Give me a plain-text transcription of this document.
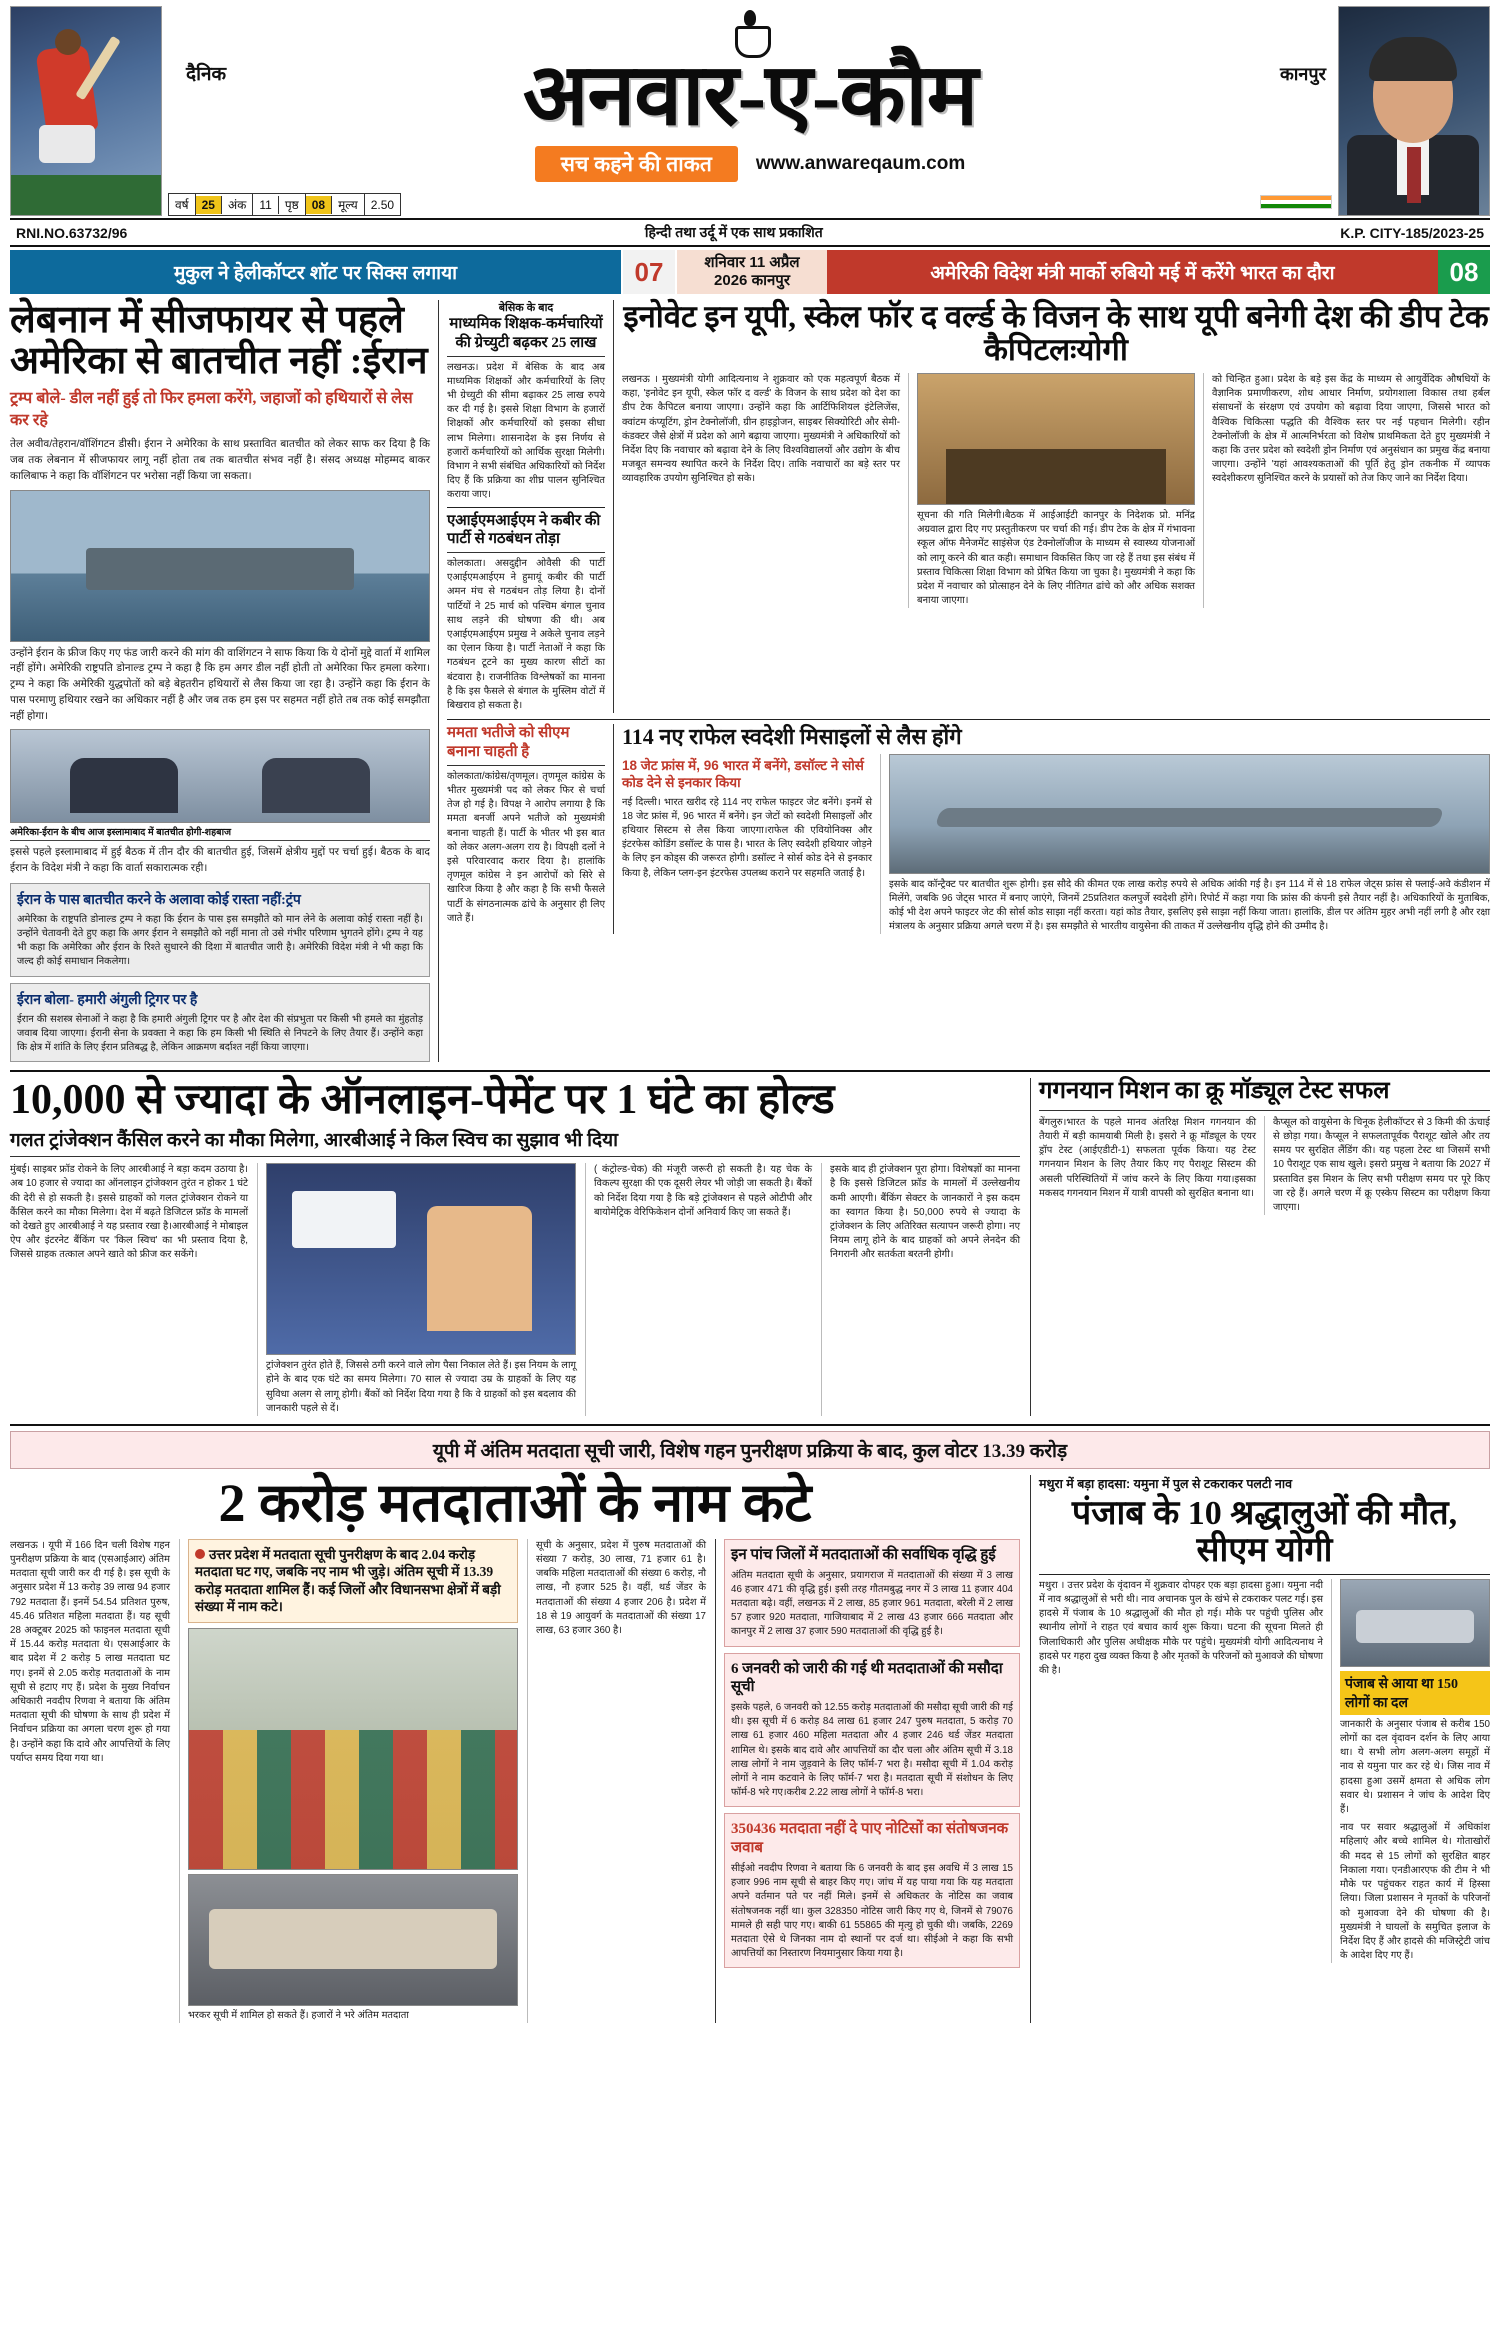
दैनिक	कानपुर
अनवार-ए-कौम
सच कहने की ताकत	www.anwareqaum.com
वर्ष	25	अंक	11	पृष्ठ	08	मूल्य	2.50
RNI.NO.63732/96	हिन्दी तथा उर्दू में एक साथ प्रकाशित	K.P. CITY-185/2023-25
मुकुल ने हेलीकॉप्टर शॉट पर सिक्स लगाया	07	शनिवार 11 अप्रैल
2026 कानपुर	अमेरिकी विदेश मंत्री मार्को रुबियो मई में करेंगे भारत का दौरा	08
लेबनान में सीजफायर से पहले अमेरिका से बातचीत नहीं :ईरान
ट्रम्प बोले- डील नहीं हुई तो फिर हमला करेंगे, जहाजों को हथियारों से लेस कर रहे
तेल अवीव/तेहरान/वॉशिंगटन डीसी। ईरान ने अमेरिका के साथ प्रस्तावित बातचीत को लेकर साफ कर दिया है कि जब तक लेबनान में सीजफायर लागू नहीं होता तब तक बातचीत संभव नहीं है। संसद अध्यक्ष मोहम्मद बाकर कालिबाफ ने कहा कि वॉशिंगटन पर भरोसा नहीं किया जा सकता।
उन्होंने ईरान के फ्रीज किए गए फंड जारी करने की मांग की वाशिंगटन ने साफ किया कि ये दोनों मुद्दे वार्ता में शामिल नहीं होंगे। अमेरिकी राष्ट्रपति डोनाल्ड ट्रम्प ने कहा है कि हम अगर डील नहीं होती तो अमेरिका फिर हमला करेगा। ट्रम्प ने कहा कि अमेरिकी युद्धपोतों को बड़े बेहतरीन हथियारों से लैस किया जा रहा है। उन्होंने कहा कि ईरान के पास परमाणु हथियार रखने का अधिकार नहीं है और जब तक हम इस पर सहमत नहीं होते तब तक कोई समझौता नहीं होगा।
अमेरिका-ईरान के बीच आज इस्लामाबाद में बातचीत होगी-शहबाज
इससे पहले इस्लामाबाद में हुई बैठक में तीन दौर की बातचीत हुई, जिसमें क्षेत्रीय मुद्दों पर चर्चा हुई। बैठक के बाद ईरान के विदेश मंत्री ने कहा कि वार्ता सकारात्मक रही।
ईरान के पास बातचीत करने के अलावा कोई रास्ता नहीं:ट्रंप
अमेरिका के राष्ट्रपति डोनाल्ड ट्रम्प ने कहा कि ईरान के पास इस समझौते को मान लेने के अलावा कोई रास्ता नहीं है। उन्होंने चेतावनी देते हुए कहा कि अगर ईरान ने समझौते को नहीं माना तो उसे गंभीर परिणाम भुगतने होंगे। ट्रम्प ने यह भी कहा कि अमेरिका और ईरान के रिश्ते सुधारने की दिशा में बातचीत जारी है। अमेरिकी विदेश मंत्री ने भी कहा कि जल्द ही कोई समाधान निकलेगा।
ईरान बोला- हमारी अंगुली ट्रिगर पर है
ईरान की सशस्त्र सेनाओं ने कहा है कि हमारी अंगुली ट्रिगर पर है और देश की संप्रभुता पर किसी भी हमले का मुंहतोड़ जवाब दिया जाएगा। ईरानी सेना के प्रवक्ता ने कहा कि हम किसी भी स्थिति से निपटने के लिए तैयार हैं। उन्होंने कहा कि क्षेत्र में शांति के लिए ईरान प्रतिबद्ध है, लेकिन आक्रमण बर्दाश्त नहीं किया जाएगा।
बेसिक के बाद
माध्यमिक शिक्षक-कर्मचारियों की ग्रेच्युटी बढ़कर 25 लाख
लखनऊ। प्रदेश में बेसिक के बाद अब माध्यमिक शिक्षकों और कर्मचारियों के लिए भी ग्रेच्युटी की सीमा बढ़ाकर 25 लाख रुपये कर दी गई है। इससे शिक्षा विभाग के हजारों शिक्षकों और कर्मचारियों को इसका सीधा लाभ मिलेगा। शासनादेश के इस निर्णय से हजारों कर्मचारियों को आर्थिक सुरक्षा मिलेगी। विभाग ने सभी संबंधित अधिकारियों को निर्देश दिए हैं कि प्रक्रिया का शीघ्र पालन सुनिश्चित कराया जाए।
एआईएमआईएम ने कबीर की पार्टी से गठबंधन तोड़ा
कोलकाता। असदुद्दीन ओवैसी की पार्टी एआईएमआईएम ने हुमायूं कबीर की पार्टी अमन मंच से गठबंधन तोड़ लिया है। दोनों पार्टियों ने 25 मार्च को पश्चिम बंगाल चुनाव साथ लड़ने की घोषणा की थी। अब एआईएमआईएम प्रमुख ने अकेले चुनाव लड़ने का ऐलान किया है। पार्टी नेताओं ने कहा कि गठबंधन टूटने का मुख्य कारण सीटों का बंटवारा है। राजनीतिक विश्लेषकों का मानना है कि इस फैसले से बंगाल के मुस्लिम वोटों में बिखराव हो सकता है।
इनोवेट इन यूपी, स्केल फॉर द वर्ल्ड के विजन के साथ यूपी बनेगी देश की डीप टेक कैपिटलःयोगी
लखनऊ । मुख्यमंत्री योगी आदित्यनाथ ने शुक्रवार को एक महत्वपूर्ण बैठक में कहा, 'इनोवेट इन यूपी, स्केल फॉर द वर्ल्ड' के विजन के साथ प्रदेश को देश का डीप टेक कैपिटल बनाया जाएगा। उन्होंने कहा कि आर्टिफिशियल इंटेलिजेंस, क्वांटम कंप्यूटिंग, ड्रोन टेक्नोलॉजी, ग्रीन हाइड्रोजन, साइबर सिक्योरिटी और सेमी-कंडक्टर जैसे क्षेत्रों में प्रदेश को आगे बढ़ाया जाएगा। मुख्यमंत्री ने अधिकारियों को निर्देश दिए कि नवाचार को बढ़ावा देने के लिए विश्वविद्यालयों और उद्योग के बीच मजबूत समन्वय स्थापित करने के निर्देश दिए। ताकि नवाचारों का बड़े स्तर पर व्यावहारिक उपयोग सुनिश्चित हो सके।
सूचना की गति मिलेगी।बैठक में आईआईटी कानपुर के निदेशक प्रो. मनिंद्र अग्रवाल द्वारा दिए गए प्रस्तुतीकरण पर चर्चा की गई। डीप टेक के क्षेत्र में गंभावना स्कूल ऑफ मैनेजमेंट साइंसेज एंड टेक्नोलॉजीज के माध्यम से स्वास्थ्य योजनाओं को लागू करने की बात कही। समाधान विकसित किए जा रहे हैं तथा इस संबंध में प्रस्ताव चिकित्सा शिक्षा विभाग को प्रेषित किया जा चुका है। मुख्यमंत्री ने कहा कि प्रदेश में नवाचार को प्रोत्साहन देने के लिए नीतिगत ढांचे को और अधिक सशक्त बनाया जाएगा।
को चिन्हित हुआ। प्रदेश के बड़े इस केंद्र के माध्यम से आयुर्वेदिक औषधियों के वैज्ञानिक प्रमाणीकरण, शोध आधार निर्माण, प्रयोगशाला विकास तथा हर्बल संसाधनों के संरक्षण एवं उपयोग को बढ़ावा दिया जाएगा, जिससे भारत को वैश्विक चिकित्सा पद्धति की वैश्विक स्तर पर नई पहचान मिलेगी। रहीन टेक्नोलॉजी के क्षेत्र में आत्मनिर्भरता को विशेष प्राथमिकता देते हुए मुख्यमंत्री ने कहा कि उत्तर प्रदेश को स्वदेशी ड्रोन निर्माण एवं अनुसंधान का प्रमुख केंद्र बनाया जाएगा। उन्होंने 'यहां आवश्यकताओं की पूर्ति हेतु ड्रोन तकनीक में व्यापक स्वदेशीकरण सुनिश्चित करने के प्रयासों को तेज किए जाने का निर्देश दिया।
ममता भतीजे को सीएम बनाना चाहती है
कोलकाता/कांग्रेस/तृणमूल। तृणमूल कांग्रेस के भीतर मुख्यमंत्री पद को लेकर फिर से चर्चा तेज हो गई है। विपक्ष ने आरोप लगाया है कि ममता बनर्जी अपने भतीजे को मुख्यमंत्री बनाना चाहती हैं। पार्टी के भीतर भी इस बात को लेकर अलग-अलग राय है। विपक्षी दलों ने इसे परिवारवाद करार दिया है। हालांकि तृणमूल कांग्रेस ने इन आरोपों को सिरे से खारिज किया है और कहा है कि सभी फैसले पार्टी के संगठनात्मक ढांचे के अनुसार ही लिए जाते हैं।
114 नए राफेल स्वदेशी मिसाइलों से लैस होंगे
18 जेट फ्रांस में, 96 भारत में बनेंगे, डसॉल्ट ने सोर्स कोड देने से इनकार किया
नई दिल्ली। भारत खरीद रहे 114 नए राफेल फाइटर जेट बनेंगे। इनमें से 18 जेट फ्रांस में, 96 भारत में बनेंगे। इन जेटों को स्वदेशी मिसाइलों और हथियार सिस्टम से लैस किया जाएगा।राफेल की एवियोनिक्स और इंटरफेस कोडिंग डसॉल्ट के पास है। भारत के लिए स्वदेशी हथियार जोड़ने के लिए इन कोड्स की जरूरत होगी। डसॉल्ट ने सोर्स कोड देने से इनकार किया है, लेकिन प्लग-इन इंटरफेस उपलब्ध कराने पर सहमति जताई है।
इसके बाद कॉन्ट्रैक्ट पर बातचीत शुरू होगी। इस सौदे की कीमत एक लाख करोड़ रुपये से अधिक आंकी गई है। इन 114 में से 18 राफेल जेट्स फ्रांस से फ्लाई-अवे कंडीशन में मिलेंगे, जबकि 96 जेट्स भारत में बनाए जाएंगे, जिनमें 25प्रतिशत कलपुर्जे स्वदेशी होंगे। रिपोर्ट में कहा गया कि फ्रांस की कंपनी इसे तैयार नहीं है। अधिकारियों के मुताबिक, कोई भी देश अपने फाइटर जेट की सोर्स कोड साझा नहीं करता। यहां कोड तैयार, इसलिए इसे साझा नहीं किया जाता। हालांकि, डील पर अंतिम मुहर अभी नहीं लगी है और रक्षा मंत्रालय के अनुसार प्रक्रिया अगले चरण में है। इस समझौते से भारतीय वायुसेना की ताकत में उल्लेखनीय वृद्धि होने की उम्मीद है।
10,000 से ज्यादा के ऑनलाइन-पेमेंट पर 1 घंटे का होल्ड
गलत ट्रांजेक्शन कैंसिल करने का मौका मिलेगा, आरबीआई ने किल स्विच का सुझाव भी दिया
मुंबई। साइबर फ्रॉड रोकने के लिए आरबीआई ने बड़ा कदम उठाया है। अब 10 हजार से ज्यादा का ऑनलाइन ट्रांजेक्शन तुरंत न होकर 1 घंटे की देरी से हो सकती है। इससे ग्राहकों को गलत ट्रांजेक्शन रोकने या कैंसिल करने का मौका मिलेगा। देश में बढ़ते डिजिटल फ्रॉड के मामलों को देखते हुए आरबीआई ने यह प्रस्ताव रखा है।आरबीआई ने मोबाइल ऐप और इंटरनेट बैंकिंग पर 'किल स्विच' का भी प्रस्ताव दिया है, जिससे ग्राहक तत्काल अपने खाते को फ्रीज कर सकेंगे।
ट्रांजेक्शन तुरंत होते हैं, जिससे ठगी करने वाले लोग पैसा निकाल लेते हैं। इस नियम के लागू होने के बाद एक घंटे का समय मिलेगा। 70 साल से ज्यादा उम्र के ग्राहकों के लिए यह सुविधा अलग से लागू होगी। बैंकों को निर्देश दिया गया है कि वे ग्राहकों को इस बदलाव की जानकारी पहले से दें।
( कंट्रोल्ड-चेक) की मंजूरी जरूरी हो सकती है। यह चेक के विकल्प सुरक्षा की एक दूसरी लेयर भी जोड़ी जा सकती है। बैंकों को निर्देश दिया गया है कि बड़े ट्रांजेक्शन से पहले ओटीपी और बायोमेट्रिक वेरिफिकेशन दोनों अनिवार्य किए जा सकते हैं।
इसके बाद ही ट्रांजेक्शन पूरा होगा। विशेषज्ञों का मानना है कि इससे डिजिटल फ्रॉड के मामलों में उल्लेखनीय कमी आएगी। बैंकिंग सेक्टर के जानकारों ने इस कदम का स्वागत किया है। 50,000 रुपये से ज्यादा के ट्रांजेक्शन के लिए अतिरिक्त सत्यापन जरूरी होगा। नए नियम लागू होने के बाद ग्राहकों को अपने लेनदेन की निगरानी और सतर्कता बरतनी होगी।
गगनयान मिशन का क्रू मॉड्यूल टेस्ट सफल
बेंगलुरु।भारत के पहले मानव अंतरिक्ष मिशन गगनयान की तैयारी में बड़ी कामयाबी मिली है। इसरो ने क्रू मॉड्यूल के एयर ड्रॉप टेस्ट (आईएडीटी-1) सफलता पूर्वक किया। यह टेस्ट गगनयान मिशन के लिए तैयार किए गए पैराशूट सिस्टम की असली परिस्थितियों में जांच करने के लिए किया गया।इसका मकसद गगनयान मिशन में यात्री वापसी को सुरक्षित बनाना था।
कैप्सूल को वायुसेना के चिनूक हेलीकॉप्टर से 3 किमी की ऊंचाई से छोड़ा गया। कैप्सूल ने सफलतापूर्वक पैराशूट खोले और तय समय पर सुरक्षित लैंडिंग की। यह पहला टेस्ट था जिसमें सभी 10 पैराशूट एक साथ खुले। इसरो प्रमुख ने बताया कि 2027 में प्रस्तावित इस मिशन के लिए सभी परीक्षण समय पर पूरे किए जा रहे हैं। अगले चरण में क्रू एस्केप सिस्टम का परीक्षण किया जाएगा।
यूपी में अंतिम मतदाता सूची जारी, विशेष गहन पुनरीक्षण प्रक्रिया के बाद, कुल वोटर 13.39 करोड़
2 करोड़ मतदाताओं के नाम कटे
लखनऊ । यूपी में 166 दिन चली विशेष गहन पुनरीक्षण प्रक्रिया के बाद (एसआईआर) अंतिम मतदाता सूची जारी कर दी गई है। इस सूची के अनुसार प्रदेश में 13 करोड़ 39 लाख 94 हजार 792 मतदाता हैं। इनमें 54.54 प्रतिशत पुरुष, 45.46 प्रतिशत महिला मतदाता हैं। यह सूची 28 अक्टूबर 2025 को फाइनल मतदाता सूची में 15.44 करोड़ मतदाता थे। एसआईआर के बाद प्रदेश में 2 करोड़ 5 लाख मतदाता घट गए। इनमें से 2.05 करोड़ मतदाताओं के नाम सूची से हटाए गए हैं। प्रदेश के मुख्य निर्वाचन अधिकारी नवदीप रिणवा ने बताया कि अंतिम मतदाता सूची की घोषणा के साथ ही प्रदेश में निर्वाचन प्रक्रिया का अगला चरण शुरू हो गया है। उन्होंने कहा कि दावे और आपत्तियों के लिए पर्याप्त समय दिया गया था।
उत्तर प्रदेश में मतदाता सूची पुनरीक्षण के बाद 2.04 करोड़ मतदाता घट गए, जबकि नए नाम भी जुड़े। अंतिम सूची में 13.39 करोड़ मतदाता शामिल हैं। कई जिलों और विधानसभा क्षेत्रों में बड़ी संख्या में नाम कटे।
भरकर सूची में शामिल हो सकते हैं। हजारों ने भरे अंतिम मतदाता
सूची के अनुसार, प्रदेश में पुरुष मतदाताओं की संख्या 7 करोड़, 30 लाख, 71 हजार 61 है। जबकि महिला मतदाताओं की संख्या 6 करोड़, नौ लाख, नौ हजार 525 है। वहीं, थर्ड जेंडर के मतदाताओं की संख्या 4 हजार 206 है। प्रदेश में 18 से 19 आयुवर्ग के मतदाताओं की संख्या 17 लाख, 63 हजार 360 है।
इन पांच जिलों में मतदाताओं की सर्वाधिक वृद्धि हुई
अंतिम मतदाता सूची के अनुसार, प्रयागराज में मतदाताओं की संख्या में 3 लाख 46 हजार 471 की वृद्धि हुई। इसी तरह गौतमबुद्ध नगर में 3 लाख 11 हजार 404 मतदाता बढ़े। वहीं, लखनऊ में 2 लाख, 85 हजार 961 मतदाता, बरेली में 2 लाख 57 हजार 920 मतदाता, गाजियाबाद में 2 लाख 43 हजार 666 मतदाता और कानपुर में 2 लाख 37 हजार 590 मतदाताओं की वृद्धि हुई है।
6 जनवरी को जारी की गई थी मतदाताओं की मसौदा सूची
इसके पहले, 6 जनवरी को 12.55 करोड़ मतदाताओं की मसौदा सूची जारी की गई थी। इस सूची में 6 करोड़ 84 लाख 61 हजार 247 पुरुष मतदाता, 5 करोड़ 70 लाख 61 हजार 460 महिला मतदाता और 4 हजार 246 थर्ड जेंडर मतदाता शामिल थे। इसके बाद दावे और आपत्तियों का दौर चला और अंतिम सूची में 3.18 लाख लोगों ने नाम जुड़वाने के लिए फॉर्म-7 भरा है। मसौदा सूची में 1.04 करोड़ लोगों ने नाम कटवाने के लिए फॉर्म-7 भरा है। मतदाता सूची में संशोधन के लिए फॉर्म-8 भरे गए।करीब 2.22 लाख लोगों ने फॉर्म-8 भरा।
350436 मतदाता नहीं दे पाए नोटिसों का संतोषजनक जवाब
सीईओ नवदीप रिणवा ने बताया कि 6 जनवरी के बाद इस अवधि में 3 लाख 15 हजार 996 नाम सूची से बाहर किए गए। जांच में यह पाया गया कि यह मतदाता अपने वर्तमान पते पर नहीं मिले। इनमें से अधिकतर के नोटिस का जवाब संतोषजनक नहीं था। कुल 328350 नोटिस जारी किए गए थे, जिनमें से 79076 मामले ही सही पाए गए। बाकी 61 55865 की मृत्यु हो चुकी थी। जबकि, 2269 मतदाता ऐसे थे जिनका नाम दो स्थानों पर दर्ज था। सीईओ ने कहा कि सभी आपत्तियों का निस्तारण नियमानुसार किया गया है।
मथुरा में बड़ा हादसा: यमुना में पुल से टकराकर पलटी नाव
पंजाब के 10 श्रद्धालुओं की मौत, सीएम योगी
मथुरा । उत्तर प्रदेश के वृंदावन में शुक्रवार दोपहर एक बड़ा हादसा हुआ। यमुना नदी में नाव श्रद्धालुओं से भरी थी। नाव अचानक पुल के खंभे से टकराकर पलट गई। इस हादसे में पंजाब के 10 श्रद्धालुओं की मौत हो गई। मौके पर पहुंची पुलिस और स्थानीय लोगों ने राहत एवं बचाव कार्य शुरू किया। घटना की सूचना मिलते ही जिलाधिकारी और पुलिस अधीक्षक मौके पर पहुंचे। मुख्यमंत्री योगी आदित्यनाथ ने हादसे पर गहरा दुख व्यक्त किया है और मृतकों के परिजनों को मुआवजे की घोषणा की है।
पंजाब से आया था 150 लोगों का दल
जानकारी के अनुसार पंजाब से करीब 150 लोगों का दल वृंदावन दर्शन के लिए आया था। ये सभी लोग अलग-अलग समूहों में नाव से यमुना पार कर रहे थे। जिस नाव में हादसा हुआ उसमें क्षमता से अधिक लोग सवार थे। प्रशासन ने जांच के आदेश दिए हैं।
नाव पर सवार श्रद्धालुओं में अधिकांश महिलाएं और बच्चे शामिल थे। गोताखोरों की मदद से 15 लोगों को सुरक्षित बाहर निकाला गया। एनडीआरएफ की टीम ने भी मौके पर पहुंचकर राहत कार्य में हिस्सा लिया। जिला प्रशासन ने मृतकों के परिजनों को मुआवजा देने की घोषणा की है। मुख्यमंत्री ने घायलों के समुचित इलाज के निर्देश दिए हैं और हादसे की मजिस्ट्रेटी जांच के आदेश दिए गए हैं।
